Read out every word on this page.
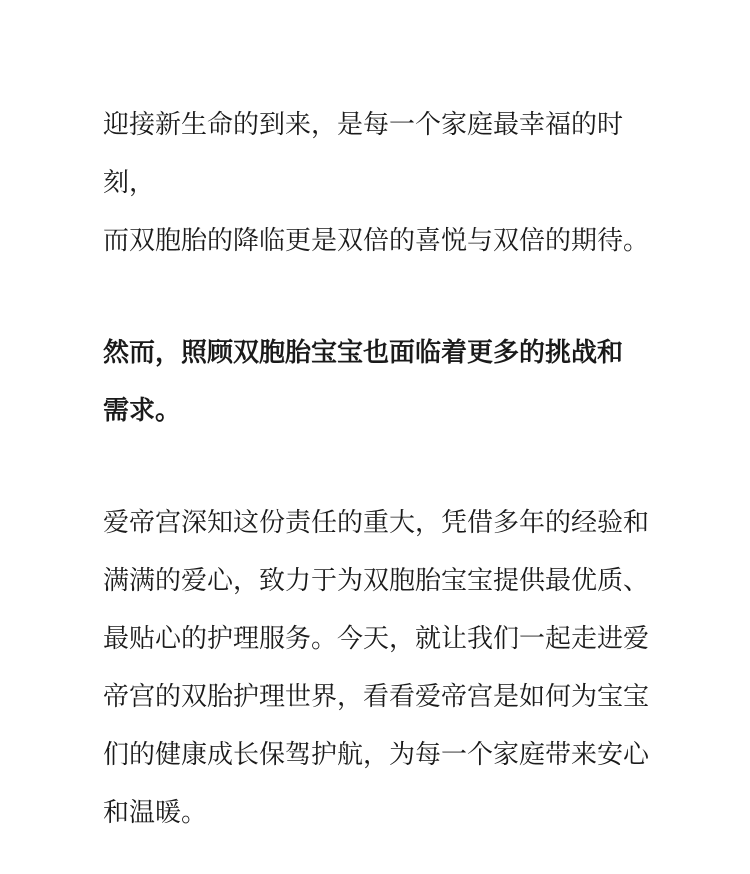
迎接新生命的到来，是每一个家庭最幸福的时刻，
而双胞胎的降临更是双倍的喜悦与双倍的期待。

然而，照顾双胞胎宝宝也面临着更多的挑战和
需求。

爱帝宫深知这份责任的重大，凭借多年的经验和
满满的爱心，致力于为双胞胎宝宝提供最优质、
最贴心的护理服务。今天，就让我们一起走进爱
帝宫的双胎护理世界，看看爱帝宫是如何为宝宝
们的健康成长保驾护航，为每一个家庭带来安心
和温暖。
